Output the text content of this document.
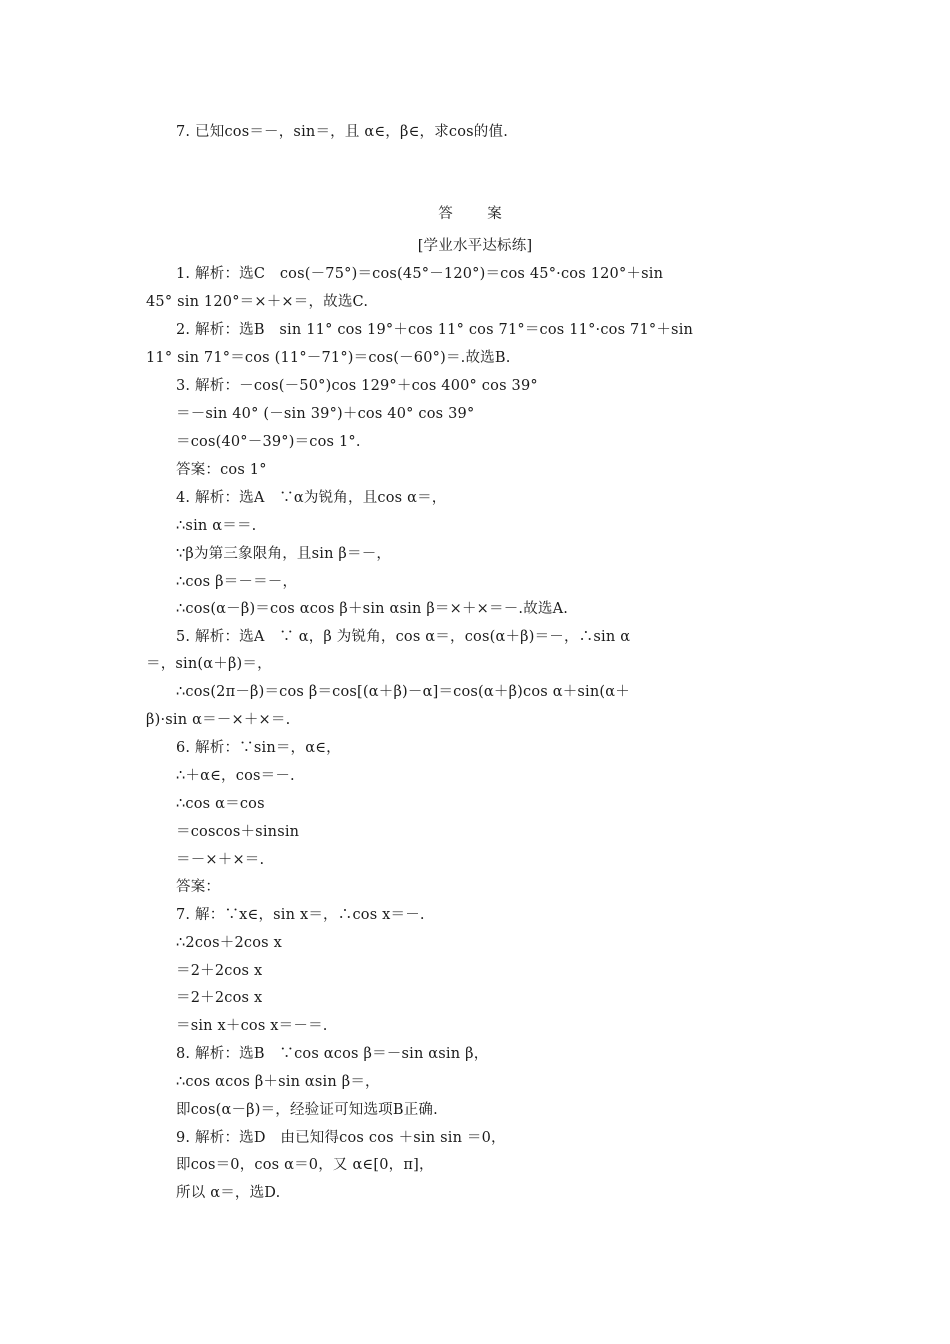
7. 已知cos＝－，sin＝，且 α∈，β∈，求cos的值.
答　案
[学业水平达标练]
1. 解析：选C　cos(－75°)＝cos(45°－120°)＝cos 45°·cos 120°＋sin
45° sin 120°＝×＋×＝，故选C.
2. 解析：选B　sin 11° cos 19°＋cos 11° cos 71°＝cos 11°·cos 71°＋sin
11° sin 71°＝cos (11°－71°)＝cos(－60°)＝.故选B.
3. 解析：－cos(－50°)cos 129°＋cos 400° cos 39°
＝－sin 40° (－sin 39°)＋cos 40° cos 39°
＝cos(40°－39°)＝cos 1°.
答案：cos 1°
4. 解析：选A　∵α为锐角，且cos α＝，
∴sin α＝＝.
∵β为第三象限角，且sin β＝－，
∴cos β＝－＝－，
∴cos(α－β)＝cos αcos β＋sin αsin β＝×＋×＝－.故选A.
5. 解析：选A　∵ α，β 为锐角，cos α＝，cos(α＋β)＝－，∴sin α
＝，sin(α＋β)＝，
∴cos(2π－β)＝cos β＝cos[(α＋β)－α]＝cos(α＋β)cos α＋sin(α＋
β)·sin α＝－×＋×＝.
6. 解析：∵sin＝，α∈，
∴＋α∈，cos＝－.
∴cos α＝cos
＝coscos＋sinsin
＝－×＋×＝.
答案：
7. 解：∵x∈，sin x＝，∴cos x＝－.
∴2cos＋2cos x
＝2＋2cos x
＝2＋2cos x
＝sin x＋cos x＝－＝.
8. 解析：选B　∵cos αcos β＝－sin αsin β，
∴cos αcos β＋sin αsin β＝，
即cos(α－β)＝，经验证可知选项B正确.
9. 解析：选D　由已知得cos cos ＋sin sin ＝0，
即cos＝0，cos α＝0，又 α∈[0，π]，
所以 α＝，选D.
